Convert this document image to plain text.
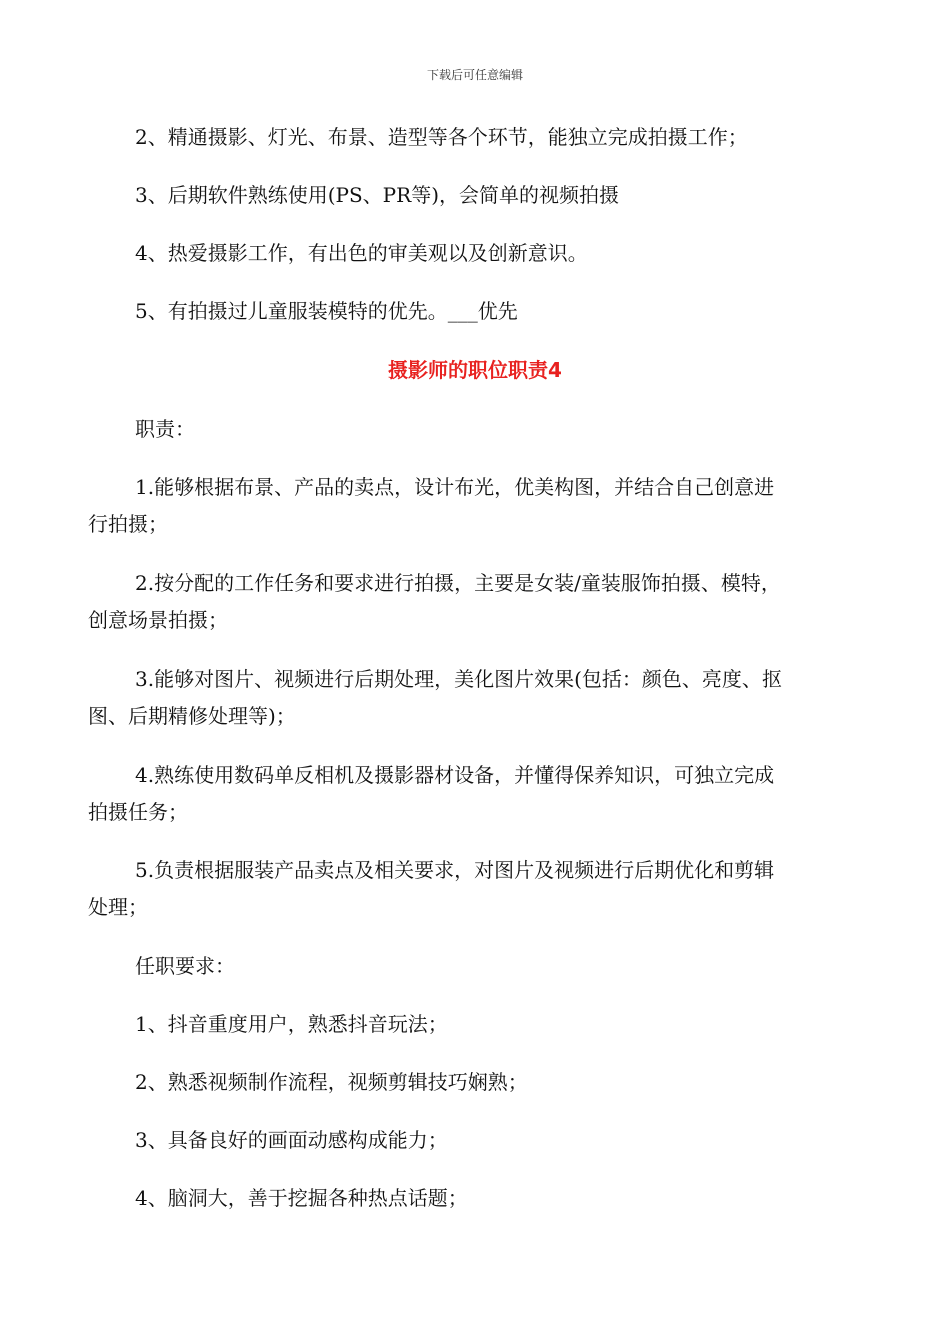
下载后可任意编辑
2、精通摄影、灯光、布景、造型等各个环节，能独立完成拍摄工作；
3、后期软件熟练使用(PS、PR等)，会简单的视频拍摄
4、热爱摄影工作，有出色的审美观以及创新意识。
5、有拍摄过儿童服装模特的优先。___优先
摄影师的职位职责4
职责：
1.能够根据布景、产品的卖点，设计布光，优美构图，并结合自己创意进
行拍摄；
2.按分配的工作任务和要求进行拍摄，主要是女装/童装服饰拍摄、模特，
创意场景拍摄；
3.能够对图片、视频进行后期处理，美化图片效果(包括：颜色、亮度、抠
图、后期精修处理等)；
4.熟练使用数码单反相机及摄影器材设备，并懂得保养知识，可独立完成
拍摄任务；
5.负责根据服装产品卖点及相关要求，对图片及视频进行后期优化和剪辑
处理；
任职要求：
1、抖音重度用户，熟悉抖音玩法；
2、熟悉视频制作流程，视频剪辑技巧娴熟；
3、具备良好的画面动感构成能力；
4、脑洞大，善于挖掘各种热点话题；
